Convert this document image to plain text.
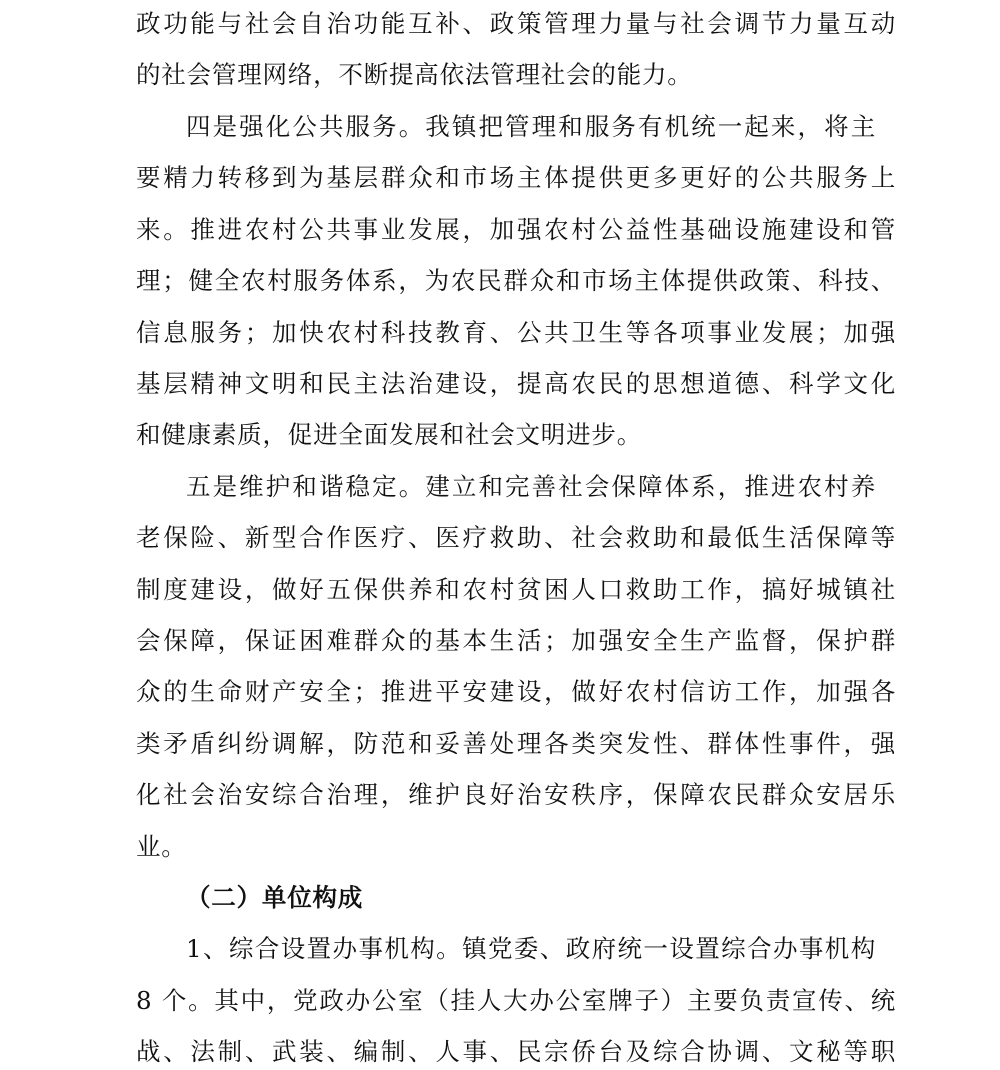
政功能与社会自治功能互补、政策管理力量与社会调节力量互动
的社会管理网络，不断提高依法管理社会的能力。
四是强化公共服务。我镇把管理和服务有机统一起来，将主
要精力转移到为基层群众和市场主体提供更多更好的公共服务上
来。推进农村公共事业发展，加强农村公益性基础设施建设和管
理；健全农村服务体系，为农民群众和市场主体提供政策、科技、
信息服务；加快农村科技教育、公共卫生等各项事业发展；加强
基层精神文明和民主法治建设，提高农民的思想道德、科学文化
和健康素质，促进全面发展和社会文明进步。
五是维护和谐稳定。建立和完善社会保障体系，推进农村养
老保险、新型合作医疗、医疗救助、社会救助和最低生活保障等
制度建设，做好五保供养和农村贫困人口救助工作，搞好城镇社
会保障，保证困难群众的基本生活；加强安全生产监督，保护群
众的生命财产安全；推进平安建设，做好农村信访工作，加强各
类矛盾纠纷调解，防范和妥善处理各类突发性、群体性事件，强
化社会治安综合治理，维护良好治安秩序，保障农民群众安居乐
业。
（二）单位构成
1、综合设置办事机构。镇党委、政府统一设置综合办事机构
8 个。其中，党政办公室（挂人大办公室牌子）主要负责宣传、统
战、法制、武装、编制、人事、民宗侨台及综合协调、文秘等职
